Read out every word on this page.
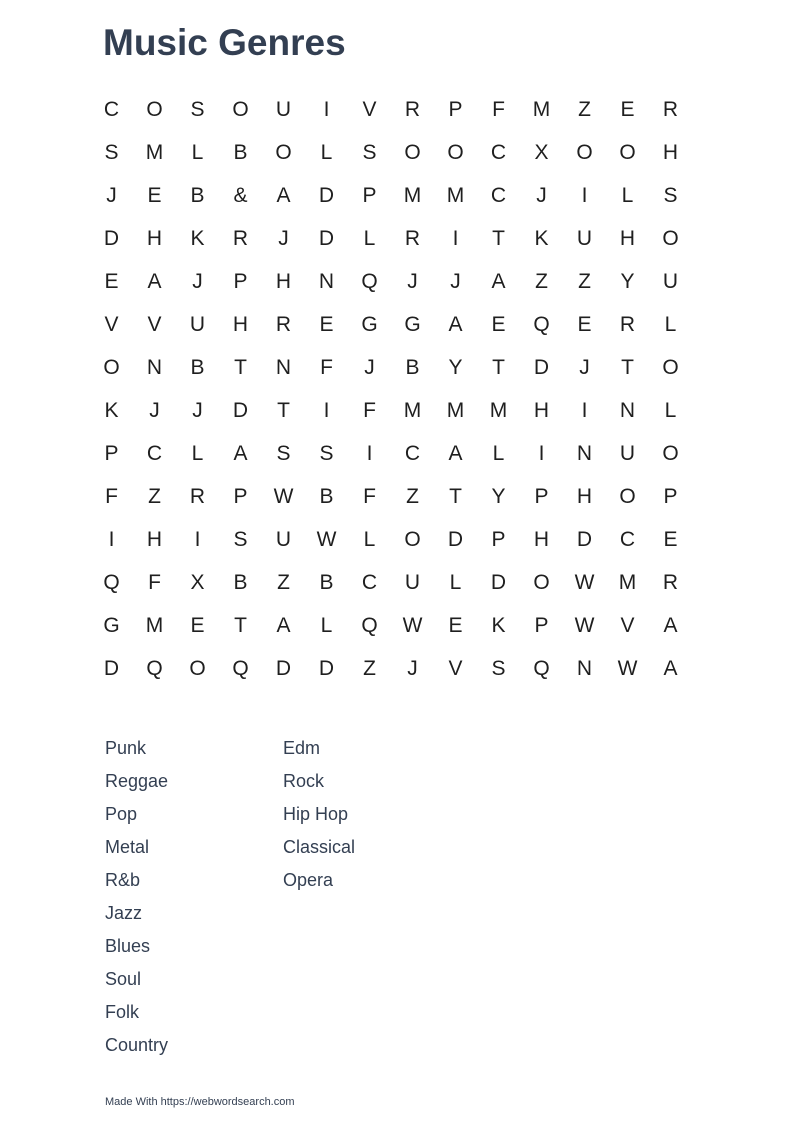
Music Genres
C	O	S	O	U	I	V	R	P	F	M	Z	E	R
S	M	L	B	O	L	S	O	O	C	X	O	O	H
J	E	B	&	A	D	P	M	M	C	J	I	L	S
D	H	K	R	J	D	L	R	I	T	K	U	H	O
E	A	J	P	H	N	Q	J	J	A	Z	Z	Y	U
V	V	U	H	R	E	G	G	A	E	Q	E	R	L
O	N	B	T	N	F	J	B	Y	T	D	J	T	O
K	J	J	D	T	I	F	M	M	M	H	I	N	L
P	C	L	A	S	S	I	C	A	L	I	N	U	O
F	Z	R	P	W	B	F	Z	T	Y	P	H	O	P
I	H	I	S	U	W	L	O	D	P	H	D	C	E
Q	F	X	B	Z	B	C	U	L	D	O	W	M	R
G	M	E	T	A	L	Q	W	E	K	P	W	V	A
D	Q	O	Q	D	D	Z	J	V	S	Q	N	W	A
Punk
Reggae
Pop
Metal
R&b
Jazz
Blues
Soul
Folk
Country
Edm
Rock
Hip Hop
Classical
Opera
Made With https://webwordsearch.com
